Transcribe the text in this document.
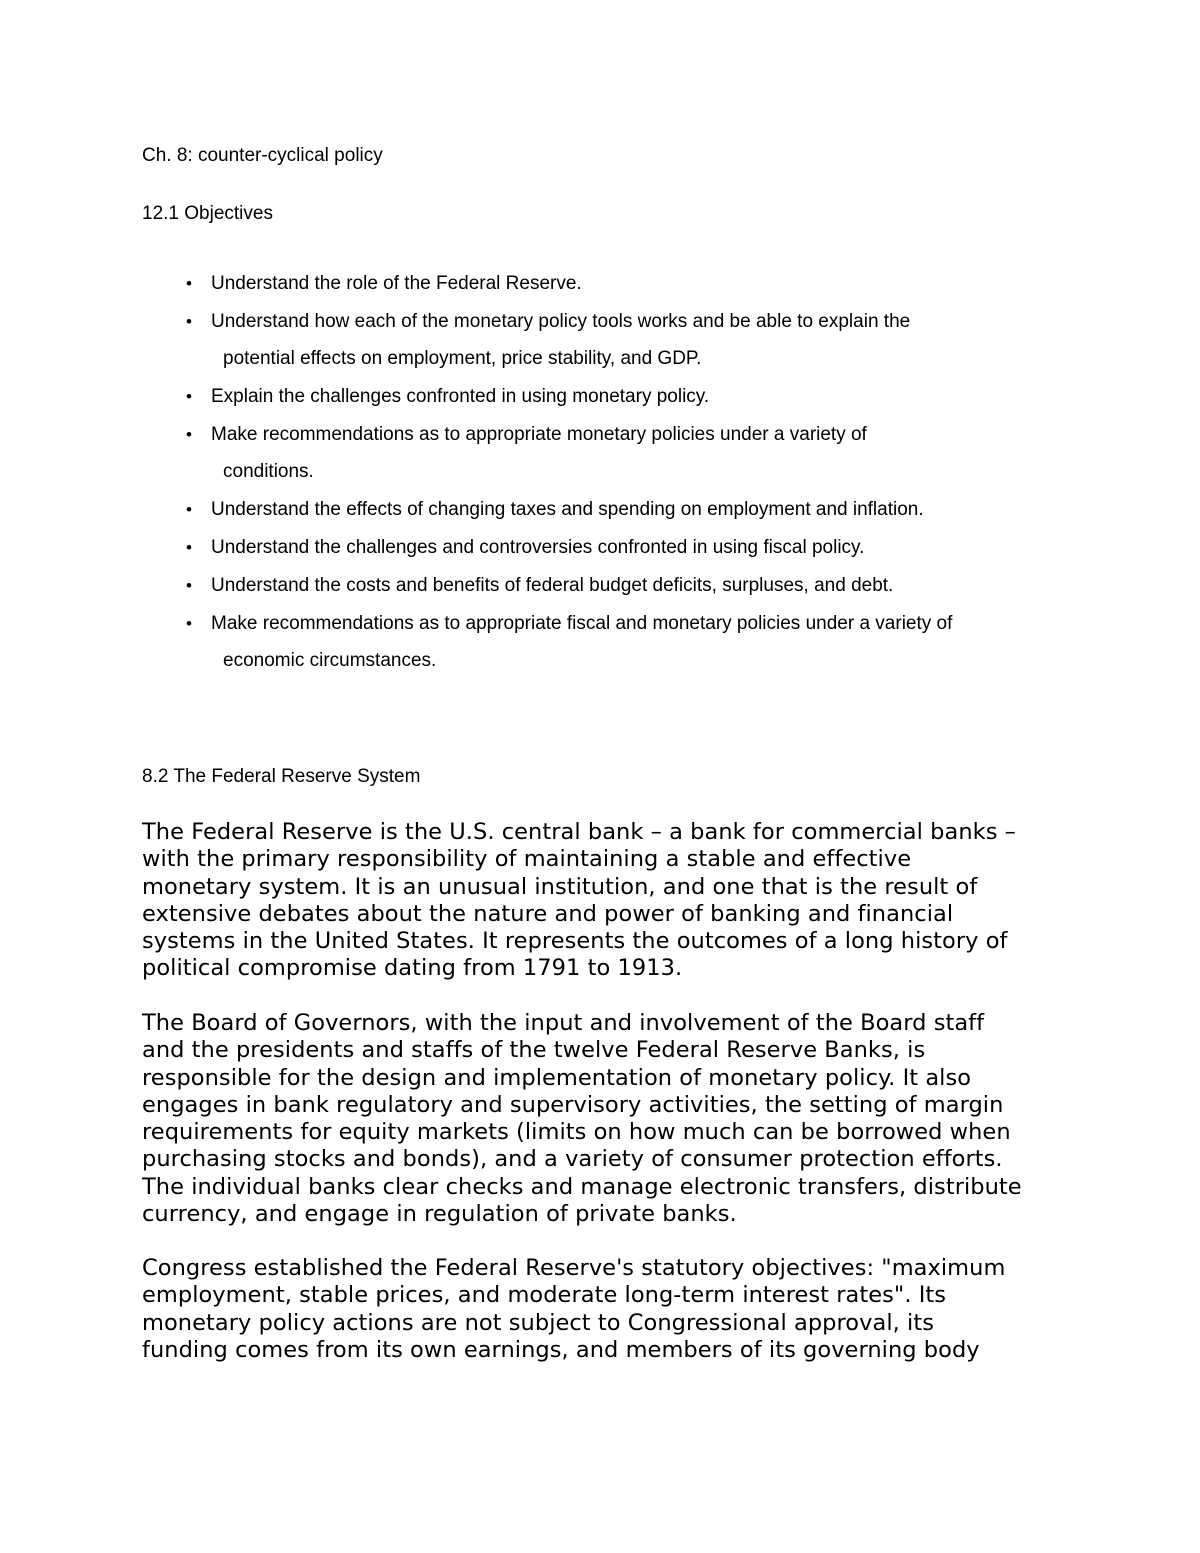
Ch. 8: counter-cyclical policy
12.1 Objectives
•	Understand the role of the Federal Reserve.
•	Understand how each of the monetary policy tools works and be able to explain the
potential effects on employment, price stability, and GDP.
•	Explain the challenges confronted in using monetary policy.
•	Make recommendations as to appropriate monetary policies under a variety of
conditions.
•	Understand the effects of changing taxes and spending on employment and inflation.
•	Understand the challenges and controversies confronted in using fiscal policy.
•	Understand the costs and benefits of federal budget deficits, surpluses, and debt.
•	Make recommendations as to appropriate fiscal and monetary policies under a variety of
economic circumstances.
8.2 The Federal Reserve System

The Federal Reserve is the U.S. central bank – a bank for commercial banks –
with the primary responsibility of maintaining a stable and effective
monetary system. It is an unusual institution, and one that is the result of
extensive debates about the nature and power of banking and financial
systems in the United States. It represents the outcomes of a long history of
political compromise dating from 1791 to 1913.

The Board of Governors, with the input and involvement of the Board staff
and the presidents and staffs of the twelve Federal Reserve Banks, is
responsible for the design and implementation of monetary policy. It also
engages in bank regulatory and supervisory activities, the setting of margin
requirements for equity markets (limits on how much can be borrowed when
purchasing stocks and bonds), and a variety of consumer protection efforts.
The individual banks clear checks and manage electronic transfers, distribute
currency, and engage in regulation of private banks.

Congress established the Federal Reserve's statutory objectives: "maximum
employment, stable prices, and moderate long-term interest rates". Its
monetary policy actions are not subject to Congressional approval, its
funding comes from its own earnings, and members of its governing body
